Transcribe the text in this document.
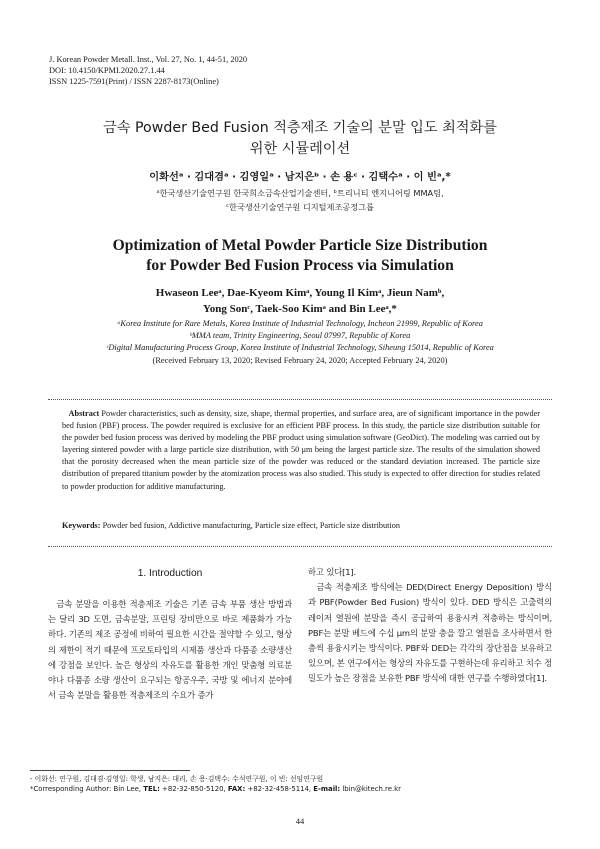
J. Korean Powder Metall. Inst., Vol. 27, No. 1, 44-51, 2020
DOI: 10.4150/KPMI.2020.27.1.44
ISSN 1225-7591(Print) / ISSN 2287-8173(Online)
금속 Powder Bed Fusion 적층제조 기술의 분말 입도 최적화를
위한 시뮬레이션
이화선ᵃ · 김대겸ᵃ · 김영일ᵃ · 남지은ᵇ · 손 용ᶜ · 김택수ᵃ · 이 빈ᵃ,*
ᵃ한국생산기술연구원 한국희소금속산업기술센터, ᵇ트리니티 엔지니어링 MMA팀,
ᶜ한국생산기술연구원 디지털제조공정그룹
Optimization of Metal Powder Particle Size Distribution
for Powder Bed Fusion Process via Simulation
Hwaseon Leeᵃ, Dae-Kyeom Kimᵃ, Young Il Kimᵃ, Jieun Namᵇ,
Yong Sonᶜ, Taek-Soo Kimᵃ and Bin Leeᵃ,*
ᵃKorea Institute for Rare Metals, Korea Institute of Industrial Technology, Incheon 21999, Republic of Korea
ᵇMMA team, Trinity Engineering, Seoul 07997, Republic of Korea
ᶜDigital Manufacturing Process Group, Korea Institute of Industrial Technology, Siheung 15014, Republic of Korea
(Received February 13, 2020; Revised February 24, 2020; Accepted February 24, 2020)
Abstract Powder characteristics, such as density, size, shape, thermal properties, and surface area, are of significant importance in the powder bed fusion (PBF) process. The powder required is exclusive for an efficient PBF process. In this study, the particle size distribution suitable for the powder bed fusion process was derived by modeling the PBF product using simulation software (GeoDict). The modeling was carried out by layering sintered powder with a large particle size distribution, with 50 μm being the largest particle size. The results of the simulation showed that the porosity decreased when the mean particle size of the powder was reduced or the standard deviation increased. The particle size distribution of prepared titanium powder by the atomization process was also studied. This study is expected to offer direction for studies related to powder production for additive manufacturing.
Keywords: Powder bed fusion, Addictive manufacturing, Particle size effect, Particle size distribution
1. Introduction

금속 분말을 이용한 적층제조 기술은 기존 금속 부품 생산 방법과는 달리 3D 도면, 금속분말, 프린팅 장비만으로 바로 제품화가 가능하다. 기존의 제조 공정에 비하여 필요한 시간을 절약할 수 있고, 형상의 제한이 적기 때문에 프로토타입의 시제품 생산과 다품종 소량생산에 강점을 보인다. 높은 형상의 자유도를 활용한 개인 맞춤형 의료분야나 다품종 소량 생산이 요구되는 항공우주, 국방 및 에너지 분야에서 금속 분말을 활용한 적층제조의 수요가 증가

하고 있다[1].

금속 적층제조 방식에는 DED(Direct Energy Deposition) 방식과 PBF(Powder Bed Fusion) 방식이 있다. DED 방식은 고출력의 레이저 열원에 분말을 즉시 공급하여 용융시켜 적층하는 방식이며, PBF는 분말 베드에 수십 μm의 분말 층을 깔고 열원을 조사하면서 한 층씩 용융시키는 방식이다. PBF와 DED는 각각의 장단점을 보유하고 있으며, 본 연구에서는 형상의 자유도를 구현하는데 유리하고 치수 정밀도가 높은 장점을 보유한 PBF 방식에 대한 연구를 수행하였다[1].

- 이화선: 연구원, 김대겸·김영일: 학생, 남지은: 대리, 손 용·김택수: 수석연구원, 이 빈: 선임연구원
*Corresponding Author: Bin Lee, TEL: +82-32-850-5120, FAX: +82-32-458-5114, E-mail: lbin@kitech.re.kr
44
